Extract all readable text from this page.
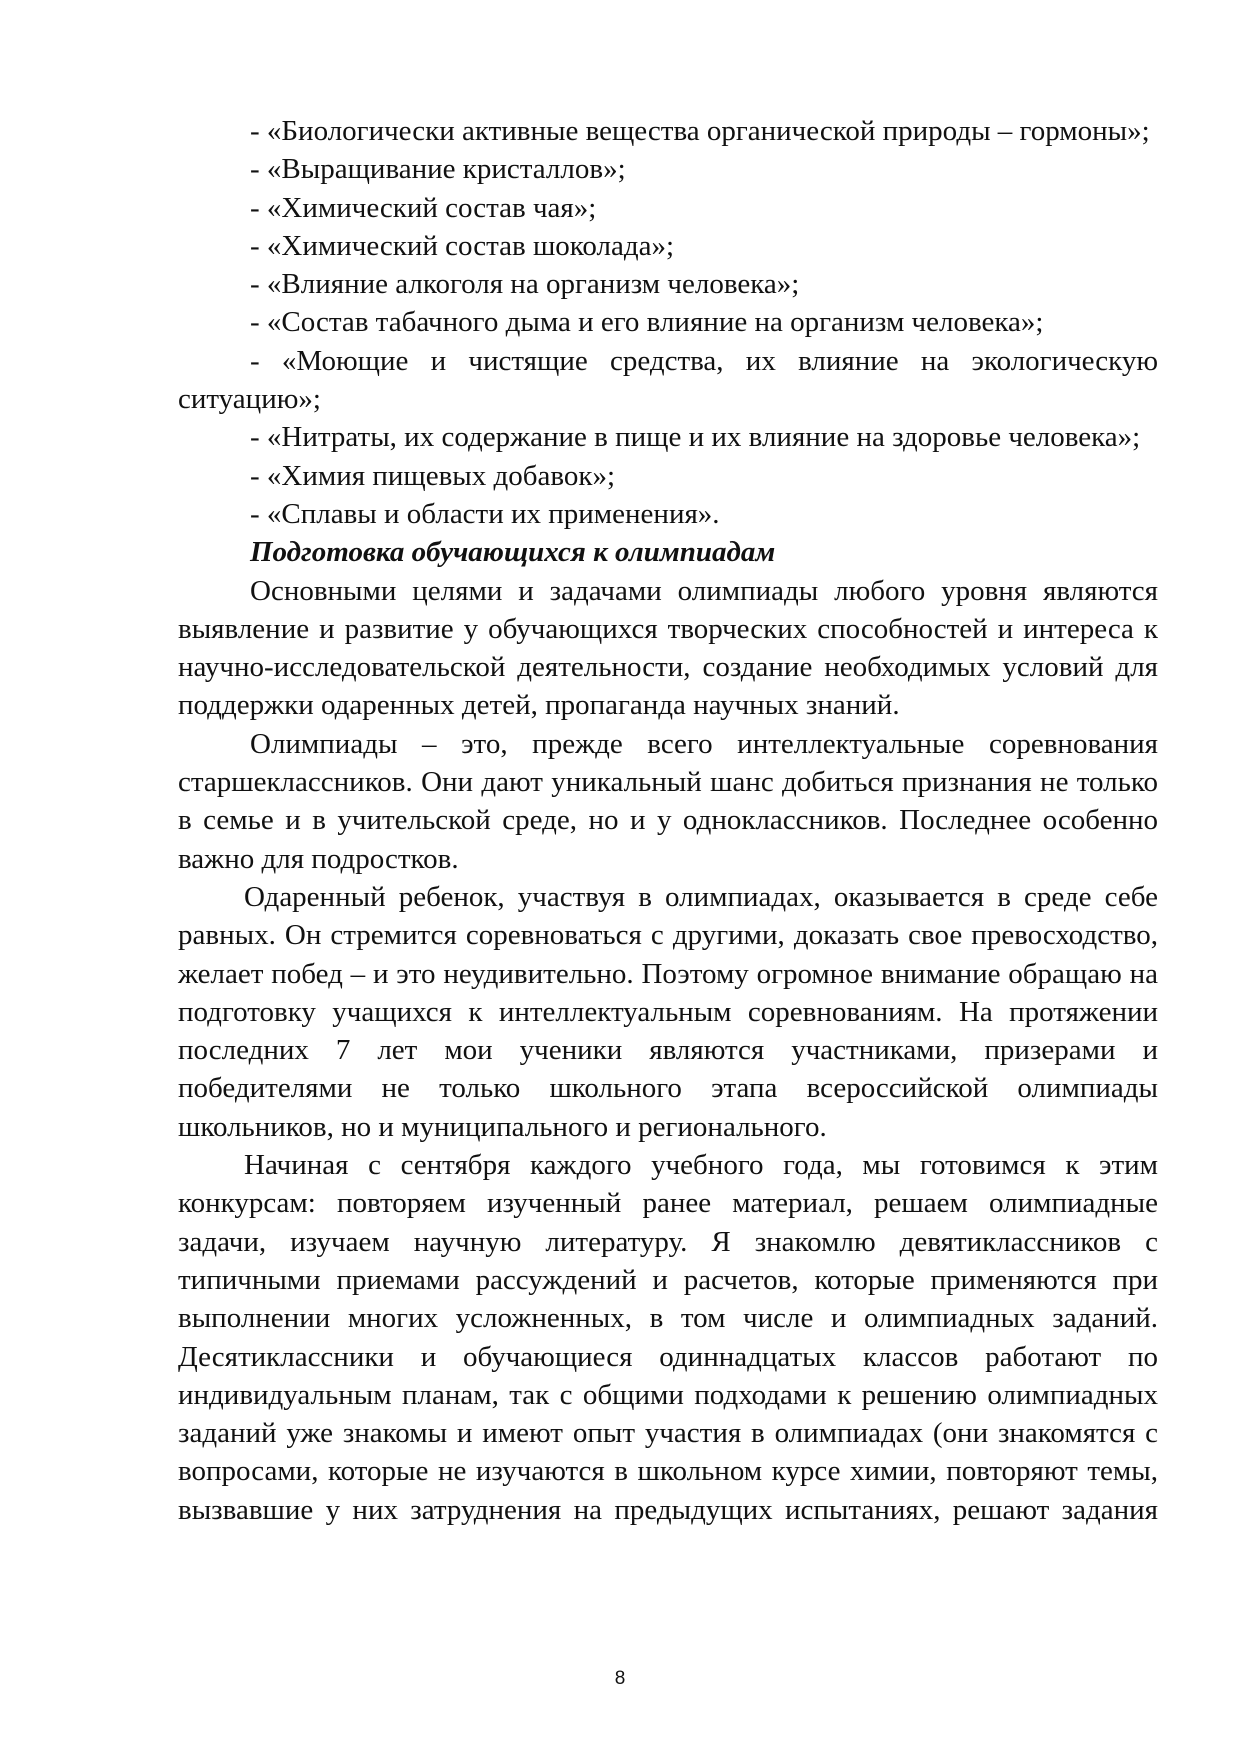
- «Биологически активные вещества органической природы – гормоны»;

- «Выращивание кристаллов»;

- «Химический состав чая»;

- «Химический состав шоколада»;

- «Влияние алкоголя на организм человека»;

- «Состав табачного дыма и его влияние на организм человека»;

- «Моющие и чистящие средства, их влияние на экологическую ситуацию»;

- «Нитраты, их содержание в пище и их влияние на здоровье человека»;

- «Химия пищевых добавок»;

- «Сплавы и области их применения».

Подготовка обучающихся к олимпиадам

Основными целями и задачами олимпиады любого уровня являются выявление и развитие у обучающихся творческих способностей и интереса к научно-исследовательской деятельности, создание необходимых условий для поддержки одаренных детей, пропаганда научных знаний.

Олимпиады – это, прежде всего интеллектуальные соревнования старшеклассников. Они дают уникальный шанс добиться признания не только в семье и в учительской среде, но и у одноклассников. Последнее особенно важно для подростков.

Одаренный ребенок, участвуя в олимпиадах, оказывается в среде себе равных. Он стремится соревноваться с другими, доказать свое превосходство, желает побед – и это неудивительно. Поэтому огромное внимание обращаю на подготовку учащихся к интеллектуальным соревнованиям. На протяжении последних 7 лет мои ученики являются участниками, призерами и победителями не только школьного этапа всероссийской олимпиады школьников, но и муниципального и регионального.

Начиная с сентября каждого учебного года, мы готовимся к этим конкурсам: повторяем изученный ранее материал, решаем олимпиадные задачи, изучаем научную литературу. Я знакомлю девятиклассников с типичными приемами рассуждений и расчетов, которые применяются при выполнении многих усложненных, в том числе и олимпиадных заданий. Десятиклассники и обучающиеся одиннадцатых классов работают по индивидуальным планам, так с общими подходами к решению олимпиадных заданий уже знакомы и имеют опыт участия в олимпиадах (они знакомятся с вопросами, которые не изучаются в школьном курсе химии, повторяют темы, вызвавшие у них затруднения на предыдущих испытаниях, решают задания

8
